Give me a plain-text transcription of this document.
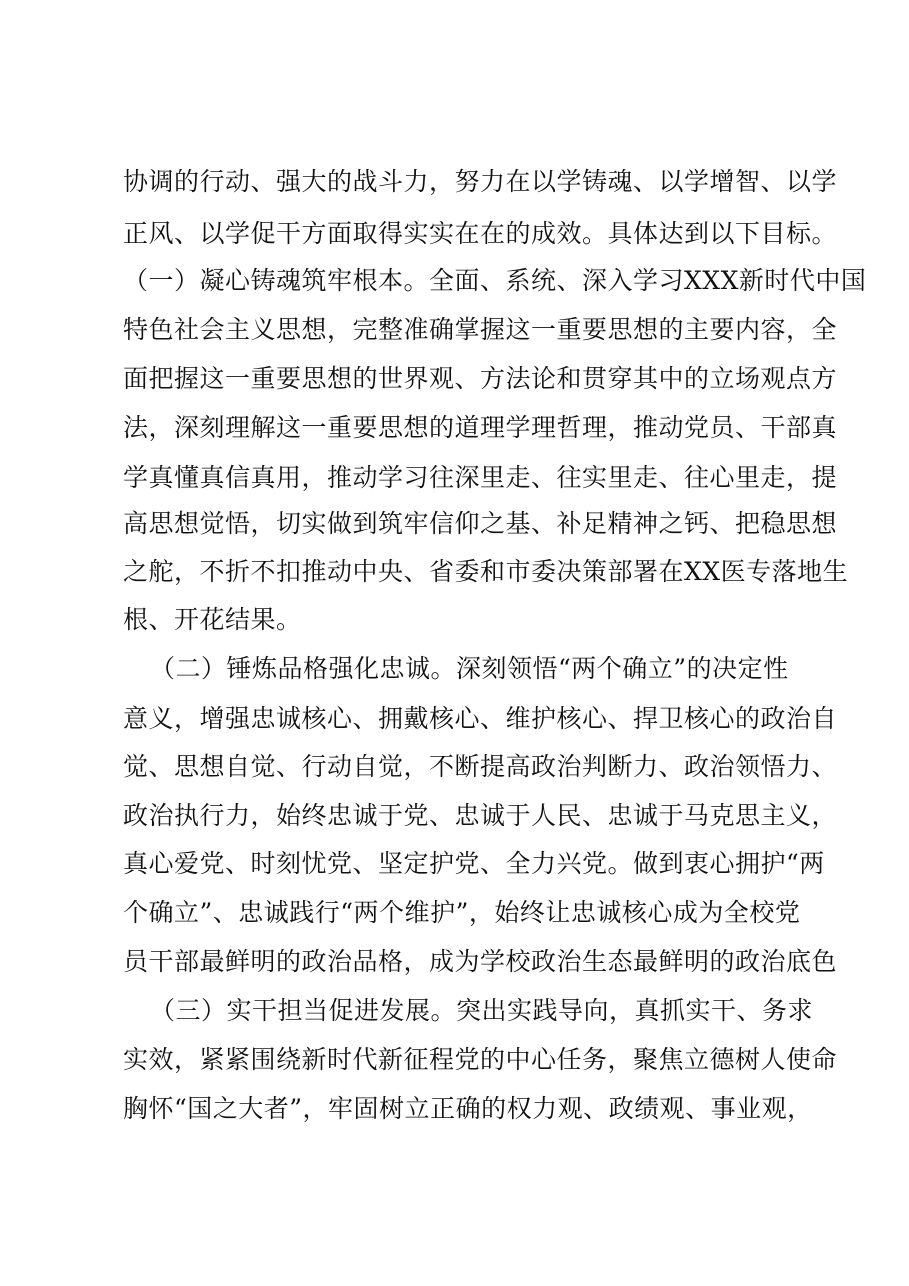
协调的行动、强大的战斗力，努力在以学铸魂、以学增智、以学
正风、以学促干方面取得实实在在的成效。具体达到以下目标。
（一）凝心铸魂筑牢根本。全面、系统、深入学习XXX新时代中国
特色社会主义思想，完整准确掌握这一重要思想的主要内容，全
面把握这一重要思想的世界观、方法论和贯穿其中的立场观点方
法，深刻理解这一重要思想的道理学理哲理，推动党员、干部真
学真懂真信真用，推动学习往深里走、往实里走、往心里走，提
高思想觉悟，切实做到筑牢信仰之基、补足精神之钙、把稳思想
之舵，不折不扣推动中央、省委和市委决策部署在XX医专落地生
根、开花结果。
（二）锤炼品格强化忠诚。深刻领悟“两个确立”的决定性
意义，增强忠诚核心、拥戴核心、维护核心、捍卫核心的政治自
觉、思想自觉、行动自觉，不断提高政治判断力、政治领悟力、
政治执行力，始终忠诚于党、忠诚于人民、忠诚于马克思主义，
真心爱党、时刻忧党、坚定护党、全力兴党。做到衷心拥护“两
个确立”、忠诚践行“两个维护”，始终让忠诚核心成为全校党
员干部最鲜明的政治品格，成为学校政治生态最鲜明的政治底色
（三）实干担当促进发展。突出实践导向，真抓实干、务求
实效，紧紧围绕新时代新征程党的中心任务，聚焦立德树人使命
胸怀“国之大者”，牢固树立正确的权力观、政绩观、事业观，
